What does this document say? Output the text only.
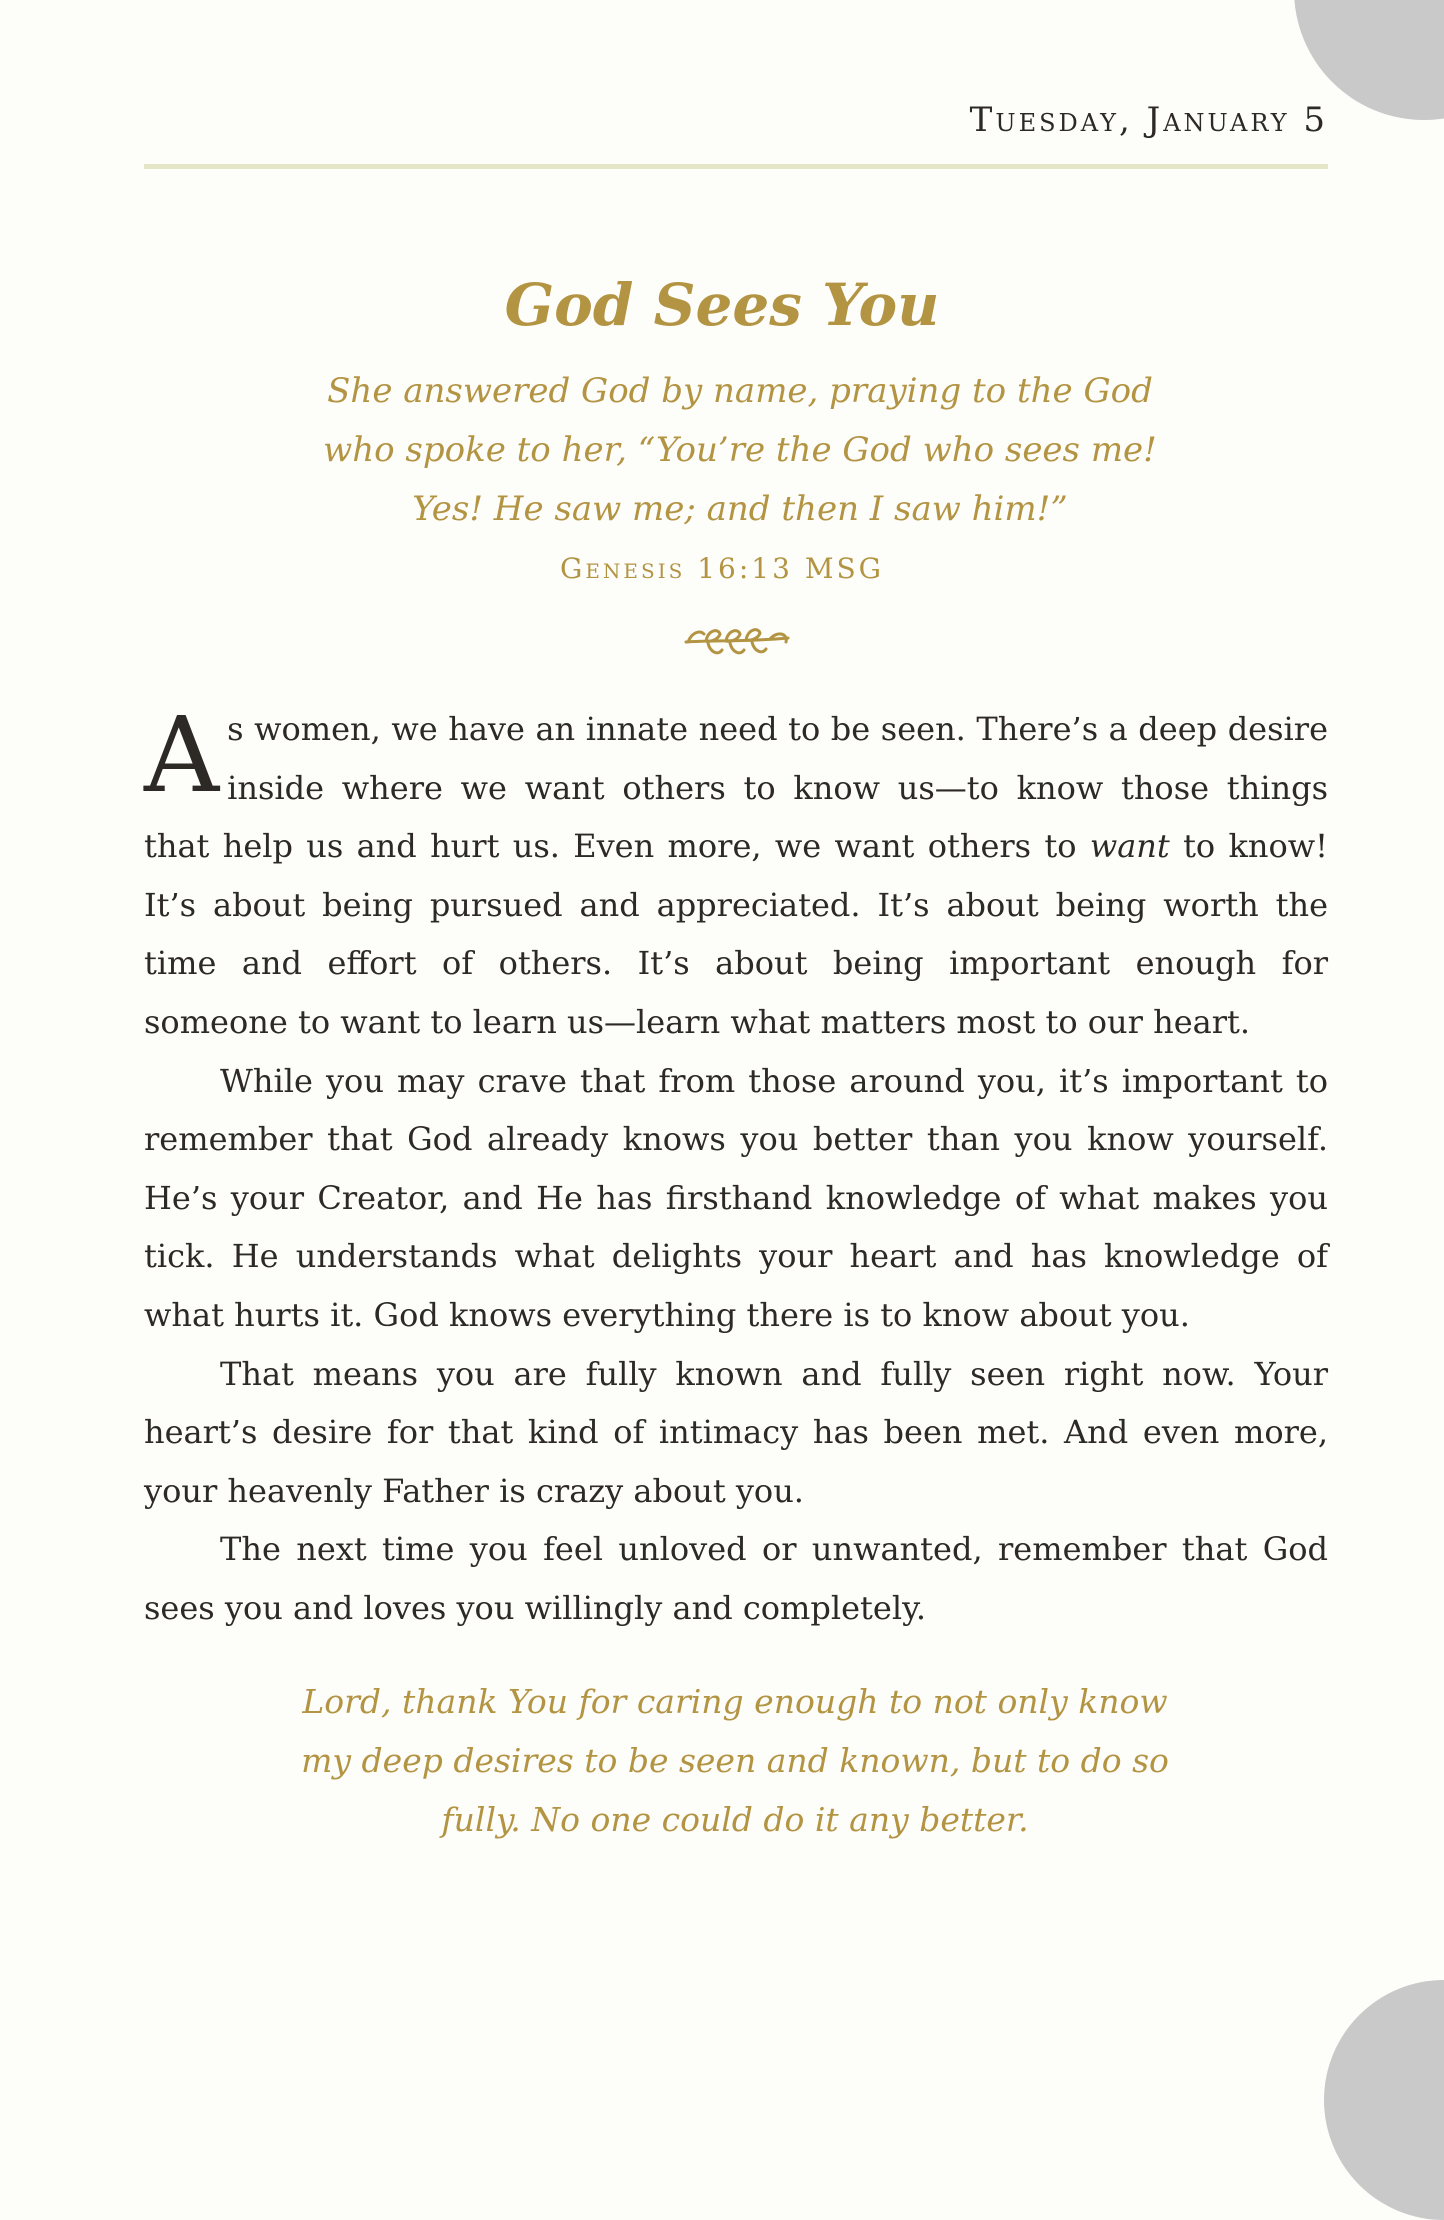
Tuesday, January 5
God Sees You
She answered God by name, praying to the God
who spoke to her, “You’re the God who sees me!
Yes! He saw me; and then I saw him!”
Genesis 16:13 MSG

As women, we have an innate need to be seen. There’s a deep desire inside where we want others to know us—to know those things that help us and hurt us. Even more, we want others to want to know! It’s about being pursued and appreciated. It’s about being worth the time and effort of others. It’s about being important enough for someone to want to learn us—learn what matters most to our heart.

While you may crave that from those around you, it’s important to remember that God already knows you better than you know yourself. He’s your Creator, and He has firsthand knowledge of what makes you tick. He understands what delights your heart and has knowledge of what hurts it. God knows everything there is to know about you.

That means you are fully known and fully seen right now. Your heart’s desire for that kind of intimacy has been met. And even more, your heavenly Father is crazy about you.

The next time you feel unloved or unwanted, remember that God sees you and loves you willingly and completely.

Lord, thank You for caring enough to not only know
my deep desires to be seen and known, but to do so
fully. No one could do it any better.
